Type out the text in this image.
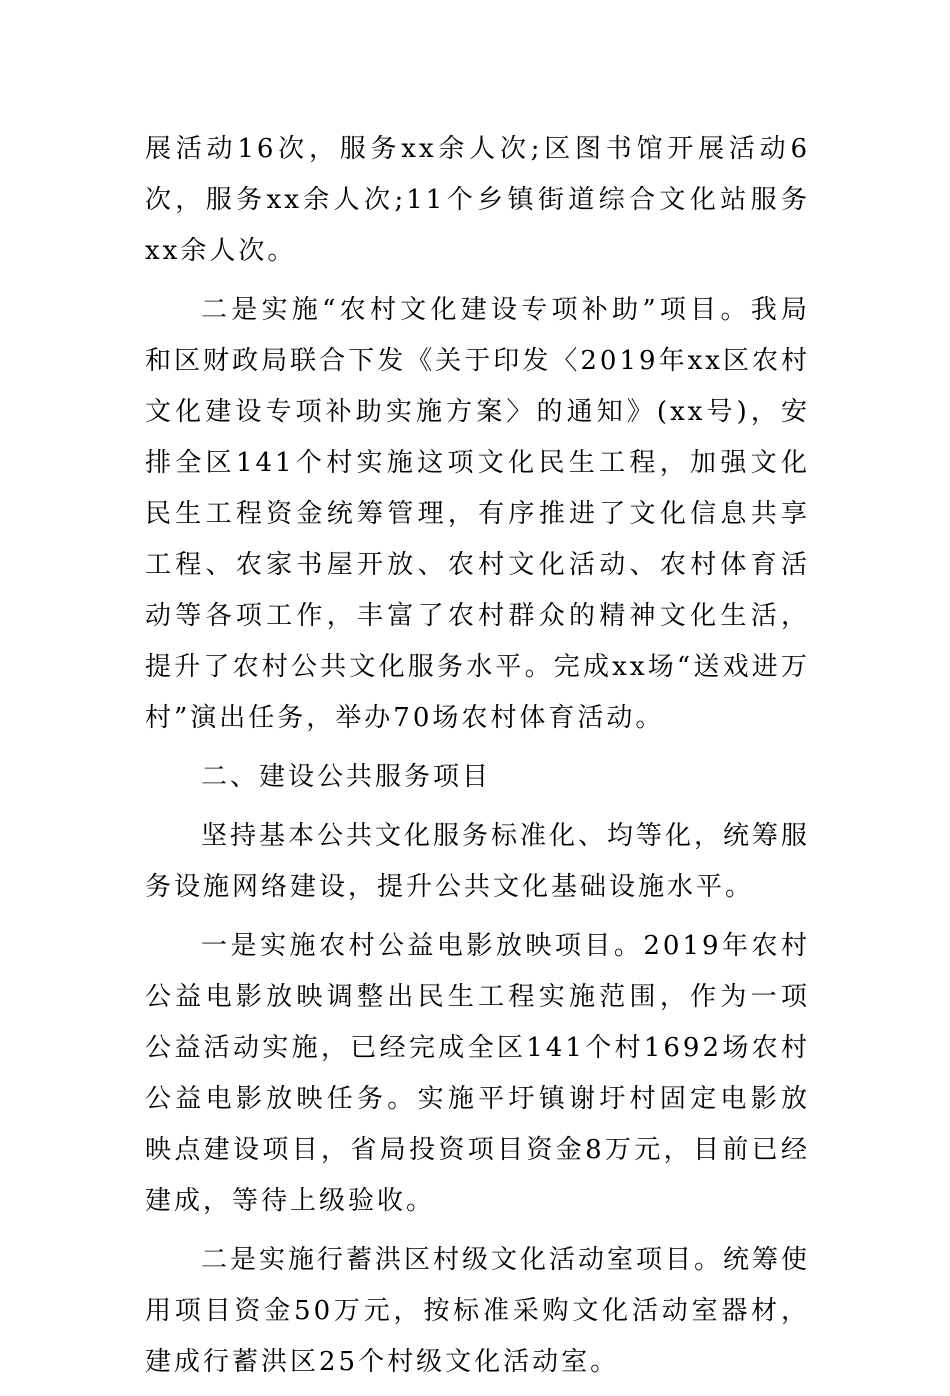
展活动16次，服务xx余人次;区图书馆开展活动6次，服务xx余人次;11个乡镇街道综合文化站服务xx余人次。

二是实施“农村文化建设专项补助”项目。我局和区财政局联合下发《关于印发〈2019年xx区农村文化建设专项补助实施方案〉的通知》(xx号)，安排全区141个村实施这项文化民生工程，加强文化民生工程资金统筹管理，有序推进了文化信息共享工程、农家书屋开放、农村文化活动、农村体育活动等各项工作，丰富了农村群众的精神文化生活，提升了农村公共文化服务水平。完成xx场“送戏进万村”演出任务，举办70场农村体育活动。

二、建设公共服务项目

坚持基本公共文化服务标准化、均等化，统筹服务设施网络建设，提升公共文化基础设施水平。

一是实施农村公益电影放映项目。2019年农村公益电影放映调整出民生工程实施范围，作为一项公益活动实施，已经完成全区141个村1692场农村公益电影放映任务。实施平圩镇谢圩村固定电影放映点建设项目，省局投资项目资金8万元，目前已经建成，等待上级验收。

二是实施行蓄洪区村级文化活动室项目。统筹使用项目资金50万元，按标准采购文化活动室器材，建成行蓄洪区25个村级文化活动室。
